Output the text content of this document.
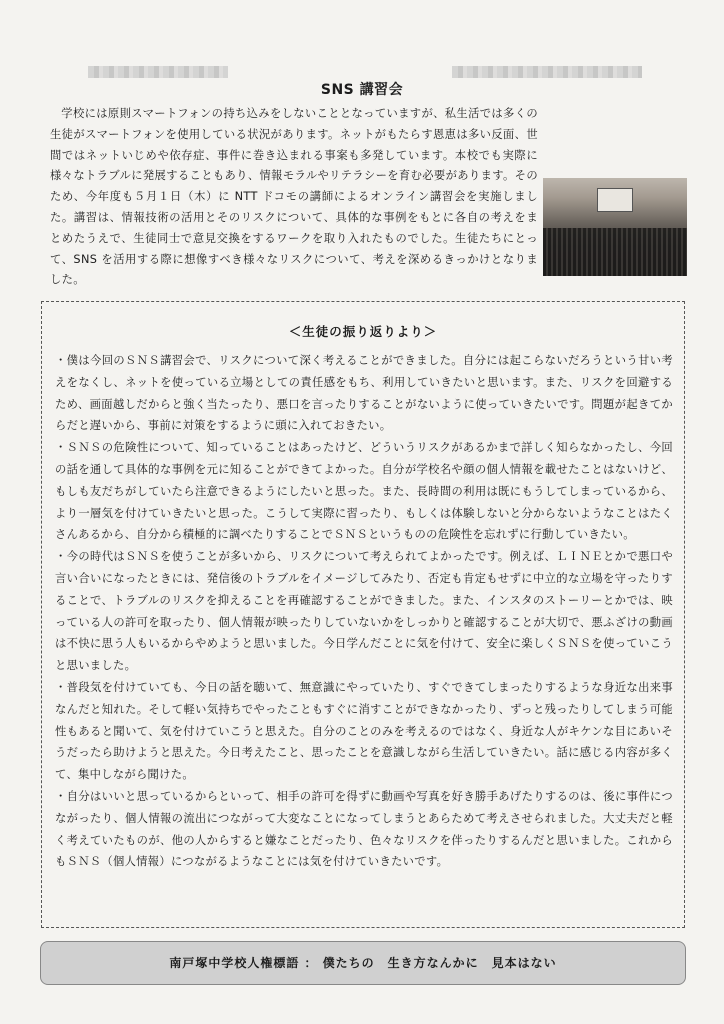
SNS 講習会

学校には原則スマートフォンの持ち込みをしないこととなっていますが、私生活では多くの生徒がスマートフォンを使用している状況があります。ネットがもたらす恩恵は多い反面、世間ではネットいじめや依存症、事件に巻き込まれる事案も多発しています。本校でも実際に様々なトラブルに発展することもあり、情報モラルやリテラシーを育む必要があります。そのため、今年度も５月１日（木）に NTT ドコモの講師によるオンライン講習会を実施しました。講習は、情報技術の活用とそのリスクについて、具体的な事例をもとに各自の考えをまとめたうえで、生徒同士で意見交換をするワークを取り入れたものでした。生徒たちにとって、SNS を活用する際に想像すべき様々なリスクについて、考えを深めるきっかけとなりました。

＜生徒の振り返りより＞

・僕は今回のＳＮＳ講習会で、リスクについて深く考えることができました。自分には起こらないだろうという甘い考えをなくし、ネットを使っている立場としての責任感をもち、利用していきたいと思います。また、リスクを回避するため、画面越しだからと強く当たったり、悪口を言ったりすることがないように使っていきたいです。問題が起きてからだと遅いから、事前に対策をするように頭に入れておきたい。

・ＳＮＳの危険性について、知っていることはあったけど、どういうリスクがあるかまで詳しく知らなかったし、今回の話を通して具体的な事例を元に知ることができてよかった。自分が学校名や顔の個人情報を載せたことはないけど、もしも友だちがしていたら注意できるようにしたいと思った。また、長時間の利用は既にもうしてしまっているから、より一層気を付けていきたいと思った。こうして実際に習ったり、もしくは体験しないと分からないようなことはたくさんあるから、自分から積極的に調べたりすることでＳＮＳというものの危険性を忘れずに行動していきたい。

・今の時代はＳＮＳを使うことが多いから、リスクについて考えられてよかったです。例えば、ＬＩＮＥとかで悪口や言い合いになったときには、発信後のトラブルをイメージしてみたり、否定も肯定もせずに中立的な立場を守ったりすることで、トラブルのリスクを抑えることを再確認することができました。また、インスタのストーリーとかでは、映っている人の許可を取ったり、個人情報が映ったりしていないかをしっかりと確認することが大切で、悪ふざけの動画は不快に思う人もいるからやめようと思いました。今日学んだことに気を付けて、安全に楽しくＳＮＳを使っていこうと思いました。

・普段気を付けていても、今日の話を聴いて、無意識にやっていたり、すぐできてしまったりするような身近な出来事なんだと知れた。そして軽い気持ちでやったこともすぐに消すことができなかったり、ずっと残ったりしてしまう可能性もあると聞いて、気を付けていこうと思えた。自分のことのみを考えるのではなく、身近な人がキケンな目にあいそうだったら助けようと思えた。今日考えたこと、思ったことを意識しながら生活していきたい。話に感じる内容が多くて、集中しながら聞けた。

・自分はいいと思っているからといって、相手の許可を得ずに動画や写真を好き勝手あげたりするのは、後に事件につながったり、個人情報の流出につながって大変なことになってしまうとあらためて考えさせられました。大丈夫だと軽く考えていたものが、他の人からすると嫌なことだったり、色々なリスクを伴ったりするんだと思いました。これからもＳＮＳ（個人情報）につながるようなことには気を付けていきたいです。

南戸塚中学校人権標語 ： 僕たちの　生き方なんかに　見本はない
